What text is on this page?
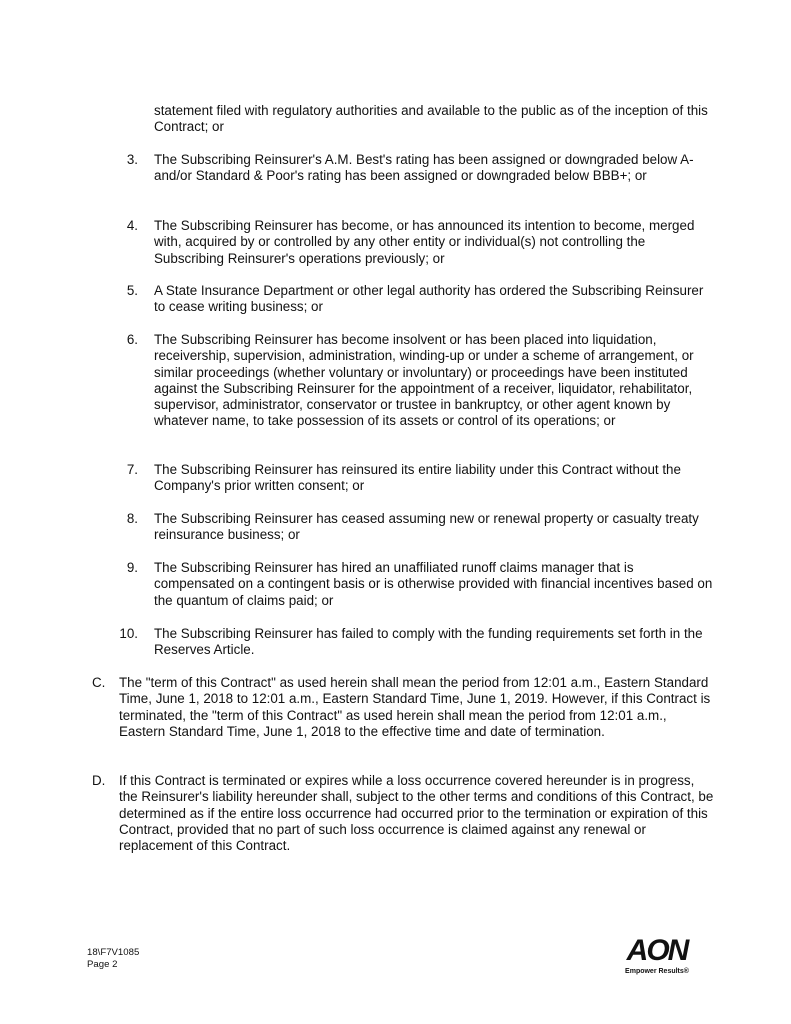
statement filed with regulatory authorities and available to the public as of the inception of this Contract; or

3. The Subscribing Reinsurer's A.M. Best's rating has been assigned or downgraded below A- and/or Standard & Poor's rating has been assigned or downgraded below BBB+; or

4. The Subscribing Reinsurer has become, or has announced its intention to become, merged with, acquired by or controlled by any other entity or individual(s) not controlling the Subscribing Reinsurer's operations previously; or

5. A State Insurance Department or other legal authority has ordered the Subscribing Reinsurer to cease writing business; or

6. The Subscribing Reinsurer has become insolvent or has been placed into liquidation, receivership, supervision, administration, winding-up or under a scheme of arrangement, or similar proceedings (whether voluntary or involuntary) or proceedings have been instituted against the Subscribing Reinsurer for the appointment of a receiver, liquidator, rehabilitator, supervisor, administrator, conservator or trustee in bankruptcy, or other agent known by whatever name, to take possession of its assets or control of its operations; or

7. The Subscribing Reinsurer has reinsured its entire liability under this Contract without the Company's prior written consent; or

8. The Subscribing Reinsurer has ceased assuming new or renewal property or casualty treaty reinsurance business; or

9. The Subscribing Reinsurer has hired an unaffiliated runoff claims manager that is compensated on a contingent basis or is otherwise provided with financial incentives based on the quantum of claims paid; or

10. The Subscribing Reinsurer has failed to comply with the funding requirements set forth in the Reserves Article.

C.	The "term of this Contract" as used herein shall mean the period from 12:01 a.m., Eastern Standard Time, June 1, 2018 to 12:01 a.m., Eastern Standard Time, June 1, 2019. However, if this Contract is terminated, the "term of this Contract" as used herein shall mean the period from 12:01 a.m., Eastern Standard Time, June 1, 2018 to the effective time and date of termination.

D.	If this Contract is terminated or expires while a loss occurrence covered hereunder is in progress, the Reinsurer's liability hereunder shall, subject to the other terms and conditions of this Contract, be determined as if the entire loss occurrence had occurred prior to the termination or expiration of this Contract, provided that no part of such loss occurrence is claimed against any renewal or replacement of this Contract.

18\F7V1085
Page 2	AON
Empower Results®
